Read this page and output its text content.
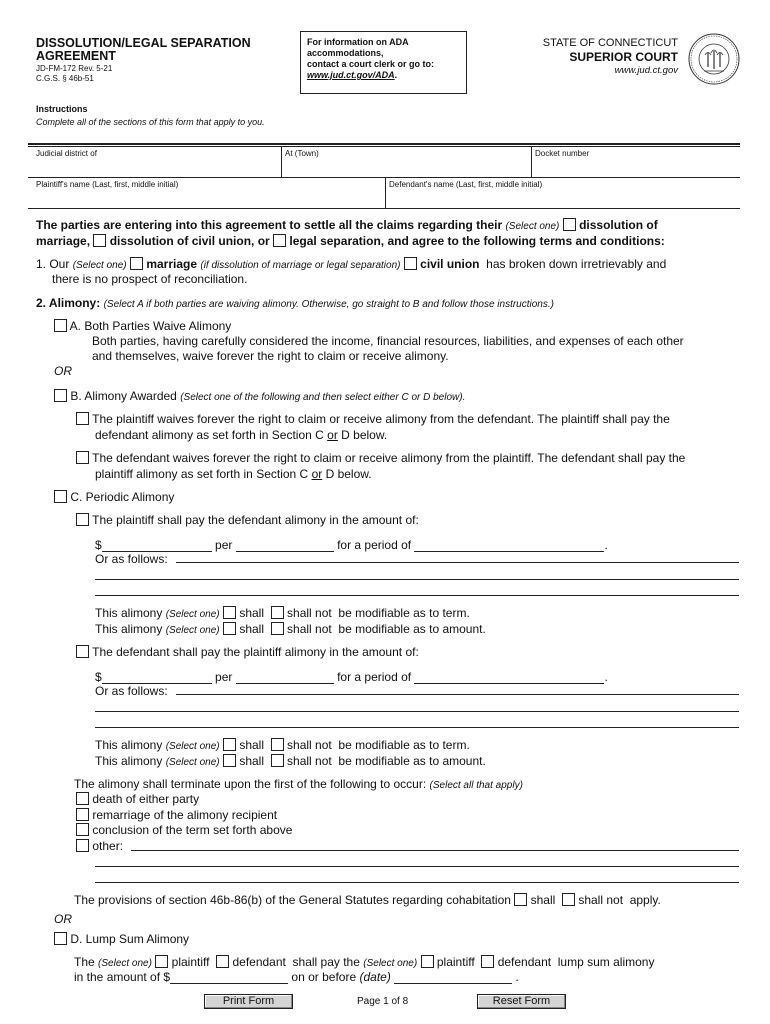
DISSOLUTION/LEGAL SEPARATION
AGREEMENT
JD-FM-172 Rev. 5-21
C.G.S. § 46b-51
For information on ADA
accommodations,
contact a court clerk or go to:
www.jud.ct.gov/ADA.
STATE OF CONNECTICUT
SUPERIOR COURT
www.jud.ct.gov
Instructions
Complete all of the sections of this form that apply to you.
Judicial district of	At (Town)	Docket number
Plaintiff's name (Last, first, middle initial)	Defendant's name (Last, first, middle initial)
The parties are entering into this agreement to settle all the claims regarding their (Select one) dissolution of
marriage, dissolution of civil union, or legal separation, and agree to the following terms and conditions:
1. Our (Select one) marriage (if dissolution of marriage or legal separation) civil union has broken down irretrievably and
there is no prospect of reconciliation.
2. Alimony: (Select A if both parties are waiving alimony. Otherwise, go straight to B and follow those instructions.)
A. Both Parties Waive Alimony
Both parties, having carefully considered the income, financial resources, liabilities, and expenses of each other
and themselves, waive forever the right to claim or receive alimony.
OR
B. Alimony Awarded (Select one of the following and then select either C or D below).
The plaintiff waives forever the right to claim or receive alimony from the defendant. The plaintiff shall pay the
defendant alimony as set forth in Section C or D below.
The defendant waives forever the right to claim or receive alimony from the plaintiff. The defendant shall pay the
plaintiff alimony as set forth in Section C or D below.
C. Periodic Alimony
The plaintiff shall pay the defendant alimony in the amount of:
$	per	for a period of	.
Or as follows:
This alimony (Select one) shall shall not be modifiable as to term.
This alimony (Select one) shall shall not be modifiable as to amount.
The defendant shall pay the plaintiff alimony in the amount of:
$	per	for a period of	.
Or as follows:
This alimony (Select one) shall shall not be modifiable as to term.
This alimony (Select one) shall shall not be modifiable as to amount.
The alimony shall terminate upon the first of the following to occur: (Select all that apply)
death of either party
remarriage of the alimony recipient
conclusion of the term set forth above
other:
The provisions of section 46b-86(b) of the General Statutes regarding cohabitation shall shall not apply.
OR
D. Lump Sum Alimony
The (Select one) plaintiff defendant shall pay the (Select one) plaintiff defendant lump sum alimony
in the amount of $	on or before (date)	.
Print Form	Page 1 of 8	Reset Form
